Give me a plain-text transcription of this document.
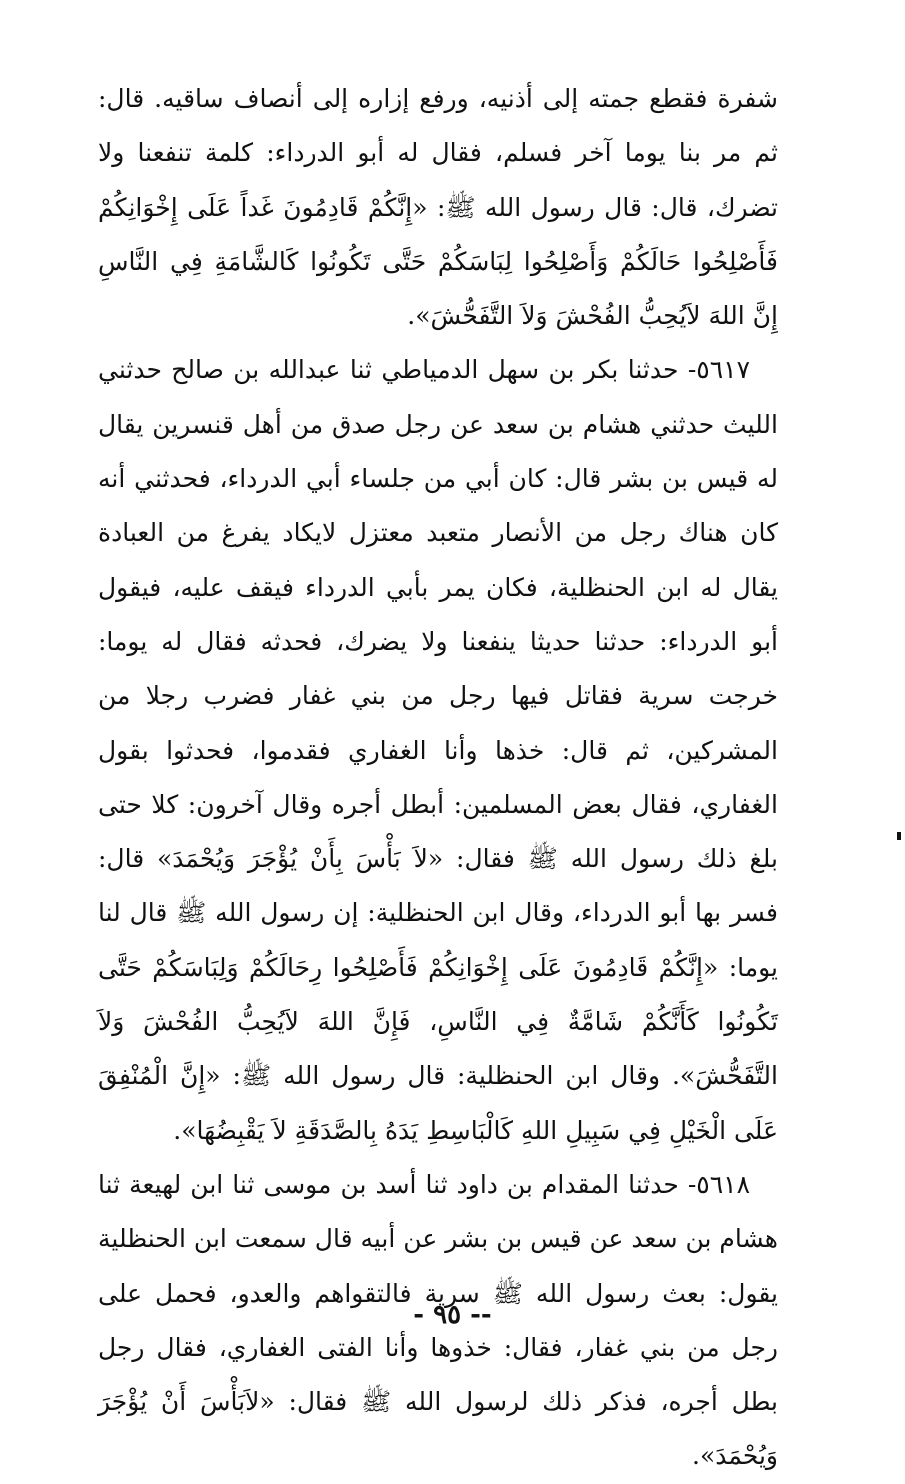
شفرة فقطع جمته إلى أذنيه، ورفع إزاره إلى أنصاف ساقيه. قال: ثم مر بنا يوما آخر فسلم، فقال له أبو الدرداء: كلمة تنفعنا ولا تضرك، قال: قال رسول الله ﷺ: «إِنَّكُمْ قَادِمُونَ غَداً عَلَى إِخْوَانِكُمْ فَأَصْلِحُوا حَالَكُمْ وَأَصْلِحُوا لِبَاسَكُمْ حَتَّى تَكُونُوا كَالشَّامَةِ فِي النَّاسِ إِنَّ اللهَ لاَيُحِبُّ الفُحْشَ وَلاَ التَّفَحُّشَ».

٥٦١٧- حدثنا بكر بن سهل الدمياطي ثنا عبدالله بن صالح حدثني الليث حدثني هشام بن سعد عن رجل صدق من أهل قنسرين يقال له قيس بن بشر قال: كان أبي من جلساء أبي الدرداء، فحدثني أنه كان هناك رجل من الأنصار متعبد معتزل لايكاد يفرغ من العبادة يقال له ابن الحنظلية، فكان يمر بأبي الدرداء فيقف عليه، فيقول أبو الدرداء: حدثنا حديثا ينفعنا ولا يضرك، فحدثه فقال له يوما: خرجت سرية فقاتل فيها رجل من بني غفار فضرب رجلا من المشركين، ثم قال: خذها وأنا الغفاري فقدموا، فحدثوا بقول الغفاري، فقال بعض المسلمين: أبطل أجره وقال آخرون: كلا حتى بلغ ذلك رسول الله ﷺ فقال: «لاَ بَأْسَ بِأَنْ يُؤْجَرَ وَيُحْمَدَ» قال: فسر بها أبو الدرداء، وقال ابن الحنظلية: إن رسول الله ﷺ قال لنا يوما: «إِنَّكُمْ قَادِمُونَ عَلَى إِخْوَانِكُمْ فَأَصْلِحُوا رِحَالَكُمْ وَلِبَاسَكُمْ حَتَّى تَكُونُوا كَأَنَّكُمْ شَامَّةٌ فِي النَّاسِ، فَإِنَّ اللهَ لاَيُحِبُّ الفُحْشَ وَلاَ التَّفَحُّشَ». وقال ابن الحنظلية: قال رسول الله ﷺ: «إِنَّ الْمُنْفِقَ عَلَى الْخَيْلِ فِي سَبِيلِ اللهِ كَالْبَاسِطِ يَدَهُ بِالصَّدَقَةِ لاَ يَقْبِضُهَا».

٥٦١٨- حدثنا المقدام بن داود ثنا أسد بن موسى ثنا ابن لهيعة ثنا هشام بن سعد عن قيس بن بشر عن أبيه قال سمعت ابن الحنظلية يقول: بعث رسول الله ﷺ سرية فالتقواهم والعدو، فحمل على رجل من بني غفار، فقال: خذوها وأنا الفتى الغفاري، فقال رجل بطل أجره، فذكر ذلك لرسول الله ﷺ فقال: «لاَبَأْسَ أَنْ يُؤْجَرَ وَيُحْمَدَ».

-- ٩٥ -
